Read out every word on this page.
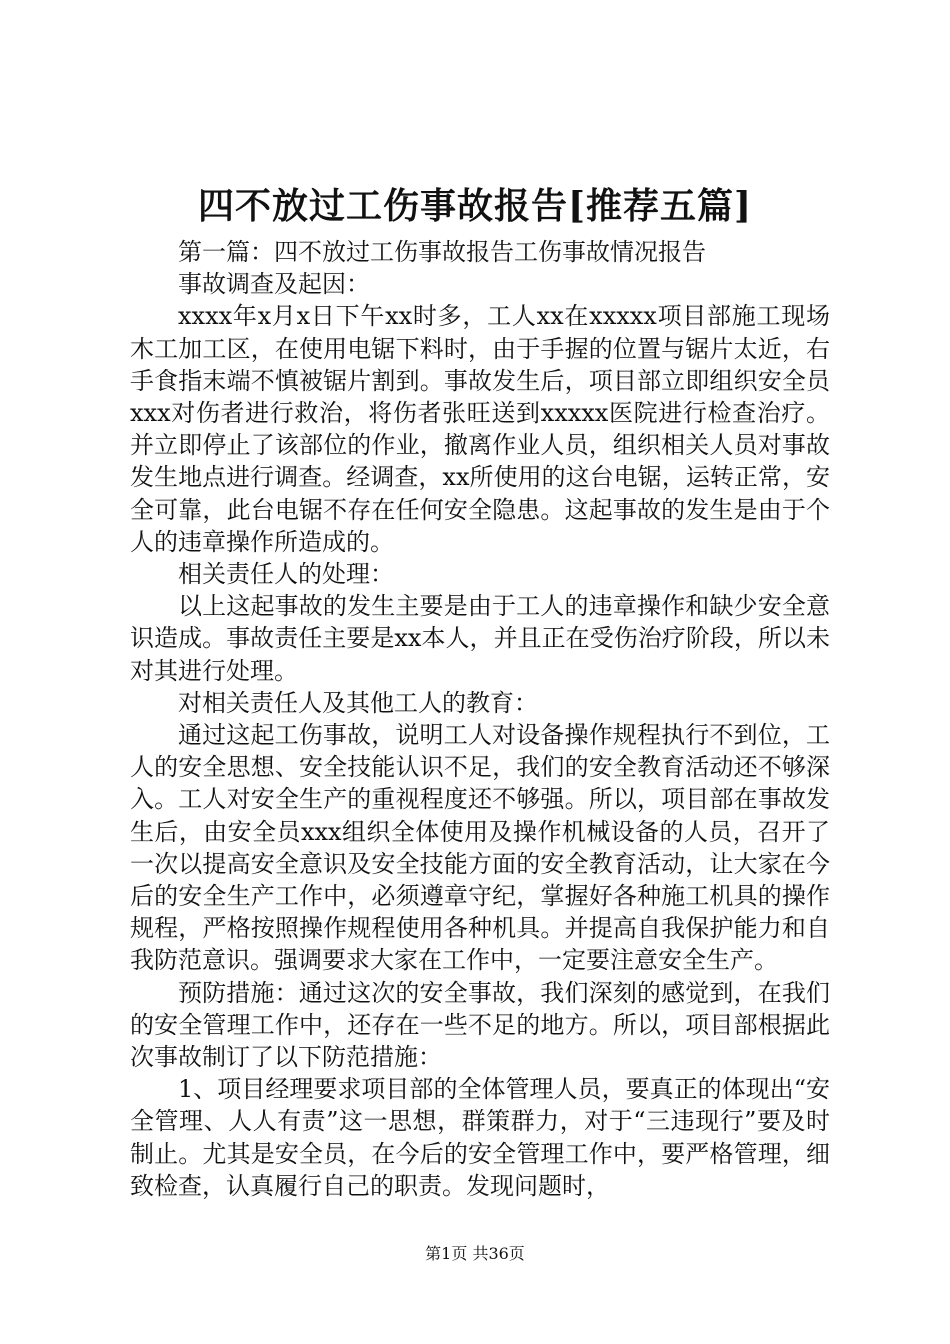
四不放过工伤事故报告[推荐五篇]

第一篇：四不放过工伤事故报告工伤事故情况报告

事故调查及起因：

xxxx年x月x日下午xx时多，工人xx在xxxxx项目部施工现场木工加工区，在使用电锯下料时，由于手握的位置与锯片太近，右手食指末端不慎被锯片割到。事故发生后，项目部立即组织安全员xxx对伤者进行救治，将伤者张旺送到xxxxx医院进行检查治疗。并立即停止了该部位的作业，撤离作业人员，组织相关人员对事故发生地点进行调查。经调查，xx所使用的这台电锯，运转正常，安全可靠，此台电锯不存在任何安全隐患。这起事故的发生是由于个人的违章操作所造成的。

相关责任人的处理：

以上这起事故的发生主要是由于工人的违章操作和缺少安全意识造成。事故责任主要是xx本人，并且正在受伤治疗阶段，所以未对其进行处理。

对相关责任人及其他工人的教育：

通过这起工伤事故，说明工人对设备操作规程执行不到位，工人的安全思想、安全技能认识不足，我们的安全教育活动还不够深入。工人对安全生产的重视程度还不够强。所以，项目部在事故发生后，由安全员xxx组织全体使用及操作机械设备的人员，召开了一次以提高安全意识及安全技能方面的安全教育活动，让大家在今后的安全生产工作中，必须遵章守纪，掌握好各种施工机具的操作规程，严格按照操作规程使用各种机具。并提高自我保护能力和自我防范意识。强调要求大家在工作中，一定要注意安全生产。

预防措施：通过这次的安全事故，我们深刻的感觉到，在我们的安全管理工作中，还存在一些不足的地方。所以，项目部根据此次事故制订了以下防范措施：

1、项目经理要求项目部的全体管理人员，要真正的体现出“安全管理、人人有责”这一思想，群策群力，对于“三违现行”要及时制止。尤其是安全员，在今后的安全管理工作中，要严格管理，细致检查，认真履行自己的职责。发现问题时，

第1页 共36页
